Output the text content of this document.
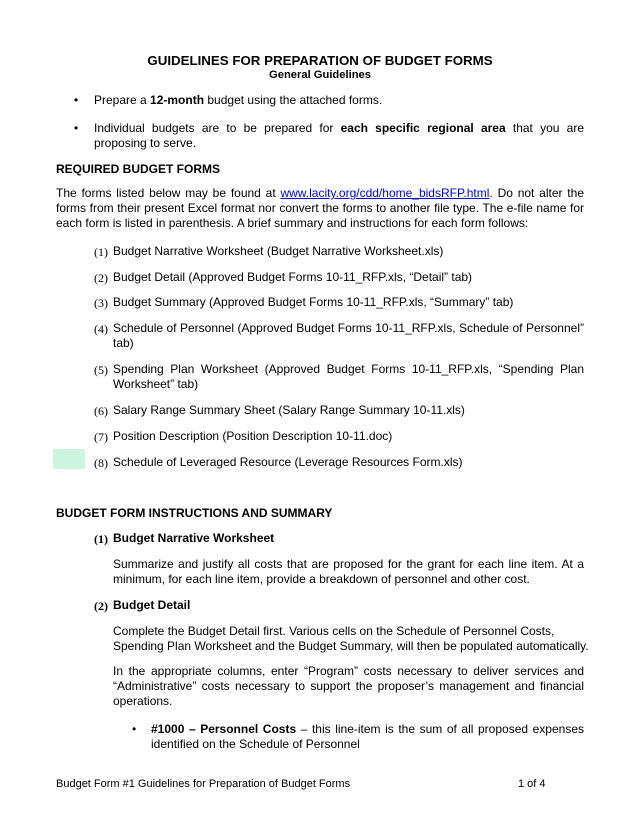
GUIDELINES FOR PREPARATION OF BUDGET FORMS
General Guidelines
• Prepare a 12-month budget using the attached forms.
• Individual budgets are to be prepared for each specific regional area that you are proposing to serve.
REQUIRED BUDGET FORMS
The forms listed below may be found at www.lacity.org/cdd/home_bidsRFP.html. Do not alter the forms from their present Excel format nor convert the forms to another file type. The e-file name for each form is listed in parenthesis. A brief summary and instructions for each form follows:
(1) Budget Narrative Worksheet (Budget Narrative Worksheet.xls)
(2) Budget Detail (Approved Budget Forms 10-11_RFP.xls, “Detail” tab)
(3) Budget Summary (Approved Budget Forms 10-11_RFP.xls, “Summary” tab)
(4) Schedule of Personnel (Approved Budget Forms 10-11_RFP.xls, Schedule of Personnel” tab)
(5) Spending Plan Worksheet (Approved Budget Forms 10-11_RFP.xls, “Spending Plan Worksheet” tab)
(6) Salary Range Summary Sheet (Salary Range Summary 10-11.xls)
(7) Position Description (Position Description 10-11.doc)
(8) Schedule of Leveraged Resource (Leverage Resources Form.xls)
BUDGET FORM INSTRUCTIONS AND SUMMARY
(1) Budget Narrative Worksheet
Summarize and justify all costs that are proposed for the grant for each line item. At a minimum, for each line item, provide a breakdown of personnel and other cost.
(2) Budget Detail
Complete the Budget Detail first. Various cells on the Schedule of Personnel Costs, Spending Plan Worksheet and the Budget Summary, will then be populated automatically.
In the appropriate columns, enter “Program” costs necessary to deliver services and “Administrative” costs necessary to support the proposer’s management and financial operations.
• #1000 – Personnel Costs – this line-item is the sum of all proposed expenses identified on the Schedule of Personnel
Budget Form #1 Guidelines for Preparation of Budget Forms	1 of 4
